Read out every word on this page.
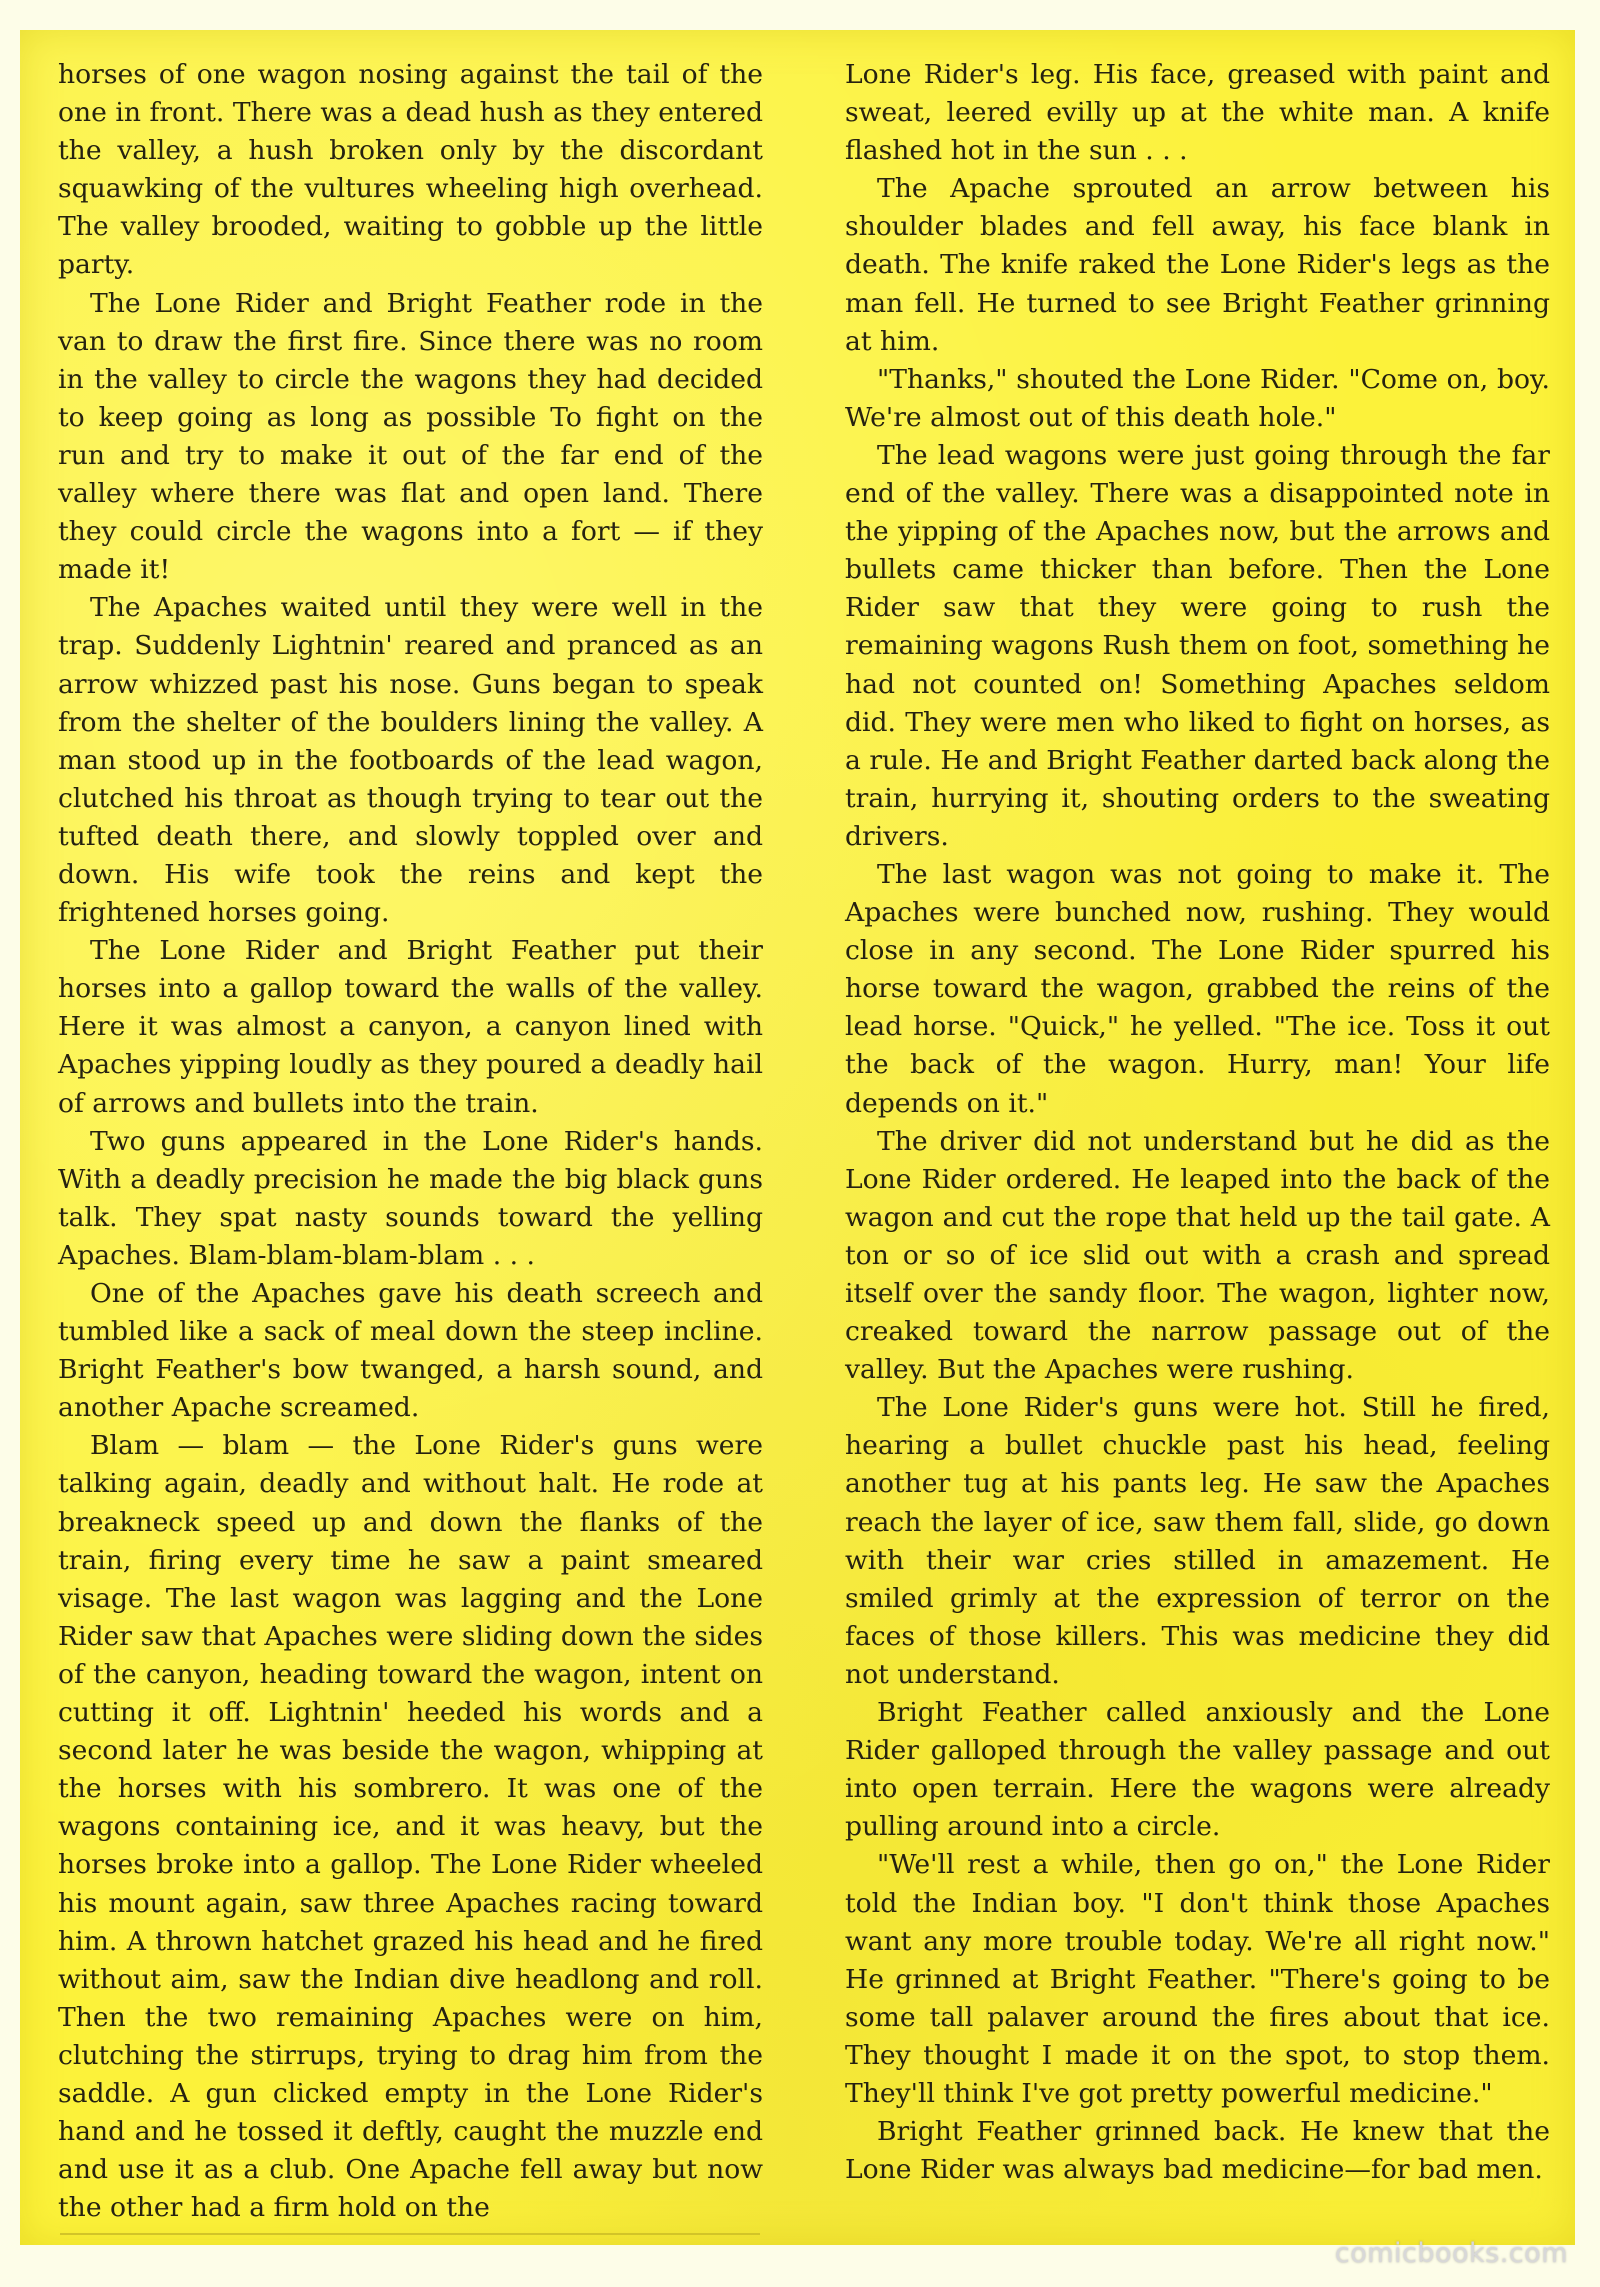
horses of one wagon nosing against the tail of the one in front. There was a dead hush as they entered the valley, a hush broken only by the discordant squawking of the vultures wheeling high overhead. The valley brooded, waiting to gobble up the little party.

The Lone Rider and Bright Feather rode in the van to draw the first fire. Since there was no room in the valley to circle the wagons they had decided to keep going as long as possible To fight on the run and try to make it out of the far end of the valley where there was flat and open land. There they could circle the wagons into a fort — if they made it!

The Apaches waited until they were well in the trap. Suddenly Lightnin' reared and pranced as an arrow whizzed past his nose. Guns began to speak from the shelter of the boulders lining the valley. A man stood up in the footboards of the lead wagon, clutched his throat as though trying to tear out the tufted death there, and slowly toppled over and down. His wife took the reins and kept the frightened horses going.

The Lone Rider and Bright Feather put their horses into a gallop toward the walls of the valley. Here it was almost a canyon, a canyon lined with Apaches yipping loudly as they poured a deadly hail of arrows and bullets into the train.

Two guns appeared in the Lone Rider's hands. With a deadly precision he made the big black guns talk. They spat nasty sounds toward the yelling Apaches. Blam-blam-blam-blam . . .

One of the Apaches gave his death screech and tumbled like a sack of meal down the steep incline. Bright Feather's bow twanged, a harsh sound, and another Apache screamed.

Blam — blam — the Lone Rider's guns were talking again, deadly and without halt. He rode at breakneck speed up and down the flanks of the train, firing every time he saw a paint smeared visage. The last wagon was lagging and the Lone Rider saw that Apaches were sliding down the sides of the canyon, heading toward the wagon, intent on cutting it off. Lightnin' heeded his words and a second later he was beside the wagon, whipping at the horses with his sombrero. It was one of the wagons containing ice, and it was heavy, but the horses broke into a gallop. The Lone Rider wheeled his mount again, saw three Apaches racing toward him. A thrown hatchet grazed his head and he fired without aim, saw the Indian dive headlong and roll. Then the two remaining Apaches were on him, clutching the stirrups, trying to drag him from the saddle. A gun clicked empty in the Lone Rider's hand and he tossed it deftly, caught the muzzle end and use it as a club. One Apache fell away but now the other had a firm hold on the

Lone Rider's leg. His face, greased with paint and sweat, leered evilly up at the white man. A knife flashed hot in the sun . . .

The Apache sprouted an arrow between his shoulder blades and fell away, his face blank in death. The knife raked the Lone Rider's legs as the man fell. He turned to see Bright Feather grinning at him.

"Thanks," shouted the Lone Rider. "Come on, boy. We're almost out of this death hole."

The lead wagons were just going through the far end of the valley. There was a disappointed note in the yipping of the Apaches now, but the arrows and bullets came thicker than before. Then the Lone Rider saw that they were going to rush the remaining wagons Rush them on foot, something he had not counted on! Something Apaches seldom did. They were men who liked to fight on horses, as a rule. He and Bright Feather darted back along the train, hurrying it, shouting orders to the sweating drivers.

The last wagon was not going to make it. The Apaches were bunched now, rushing. They would close in any second. The Lone Rider spurred his horse toward the wagon, grabbed the reins of the lead horse. "Quick," he yelled. "The ice. Toss it out the back of the wagon. Hurry, man! Your life depends on it."

The driver did not understand but he did as the Lone Rider ordered. He leaped into the back of the wagon and cut the rope that held up the tail gate. A ton or so of ice slid out with a crash and spread itself over the sandy floor. The wagon, lighter now, creaked toward the narrow passage out of the valley. But the Apaches were rushing.

The Lone Rider's guns were hot. Still he fired, hearing a bullet chuckle past his head, feeling another tug at his pants leg. He saw the Apaches reach the layer of ice, saw them fall, slide, go down with their war cries stilled in amazement. He smiled grimly at the expression of terror on the faces of those killers. This was medicine they did not understand.

Bright Feather called anxiously and the Lone Rider galloped through the valley passage and out into open terrain. Here the wagons were already pulling around into a circle.

"We'll rest a while, then go on," the Lone Rider told the Indian boy. "I don't think those Apaches want any more trouble today. We're all right now." He grinned at Bright Feather. "There's going to be some tall palaver around the fires about that ice. They thought I made it on the spot, to stop them. They'll think I've got pretty powerful medicine."

Bright Feather grinned back. He knew that the Lone Rider was always bad medicine—for bad men.

comicbooks.com
